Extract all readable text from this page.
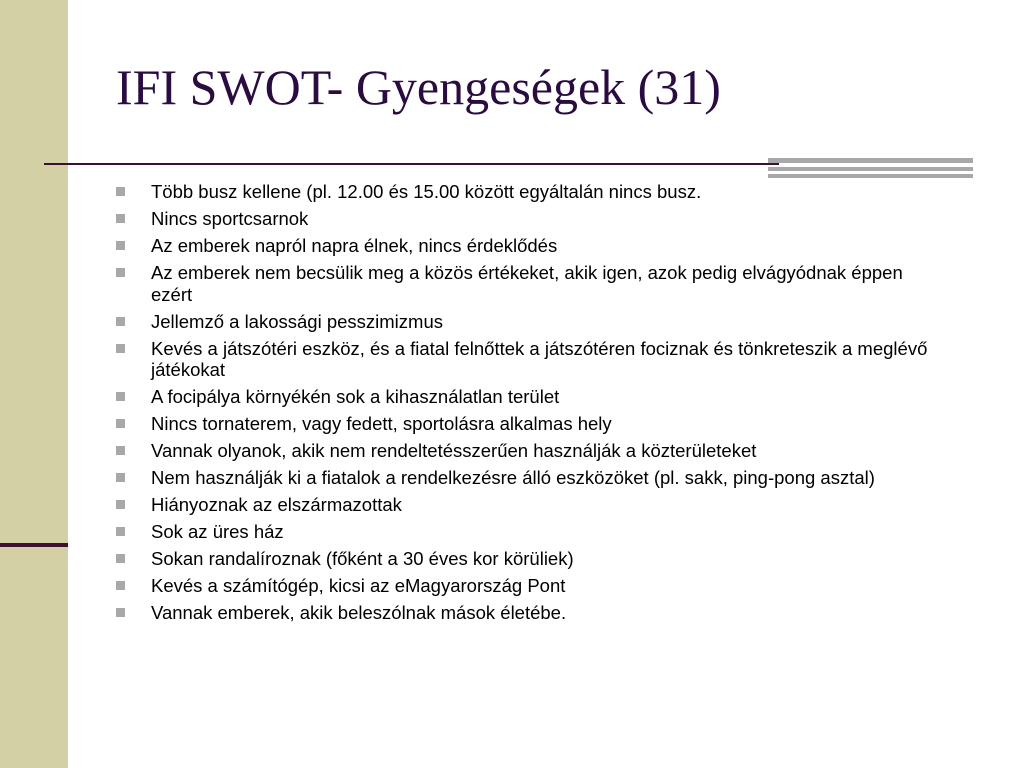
IFI SWOT- Gyengeségek (31)
Több busz kellene (pl. 12.00 és 15.00 között egyáltalán nincs busz.
Nincs sportcsarnok
Az emberek napról napra élnek, nincs érdeklődés
Az emberek nem becsülik meg a közös értékeket, akik igen, azok pedig elvágyódnak éppen ezért
Jellemző a lakossági pesszimizmus
Kevés a játszótéri eszköz, és a fiatal felnőttek a játszótéren fociznak és tönkreteszik a meglévő játékokat
A focipálya környékén sok a kihasználatlan terület
Nincs tornaterem, vagy fedett, sportolásra alkalmas hely
Vannak olyanok, akik nem rendeltetésszerűen használják a közterületeket
Nem használják ki a fiatalok a rendelkezésre álló eszközöket (pl. sakk, ping-pong asztal)
Hiányoznak az elszármazottak
Sok az üres ház
Sokan randalíroznak (főként a 30 éves kor körüliek)
Kevés a számítógép, kicsi az eMagyarország Pont
Vannak emberek, akik beleszólnak mások életébe.
